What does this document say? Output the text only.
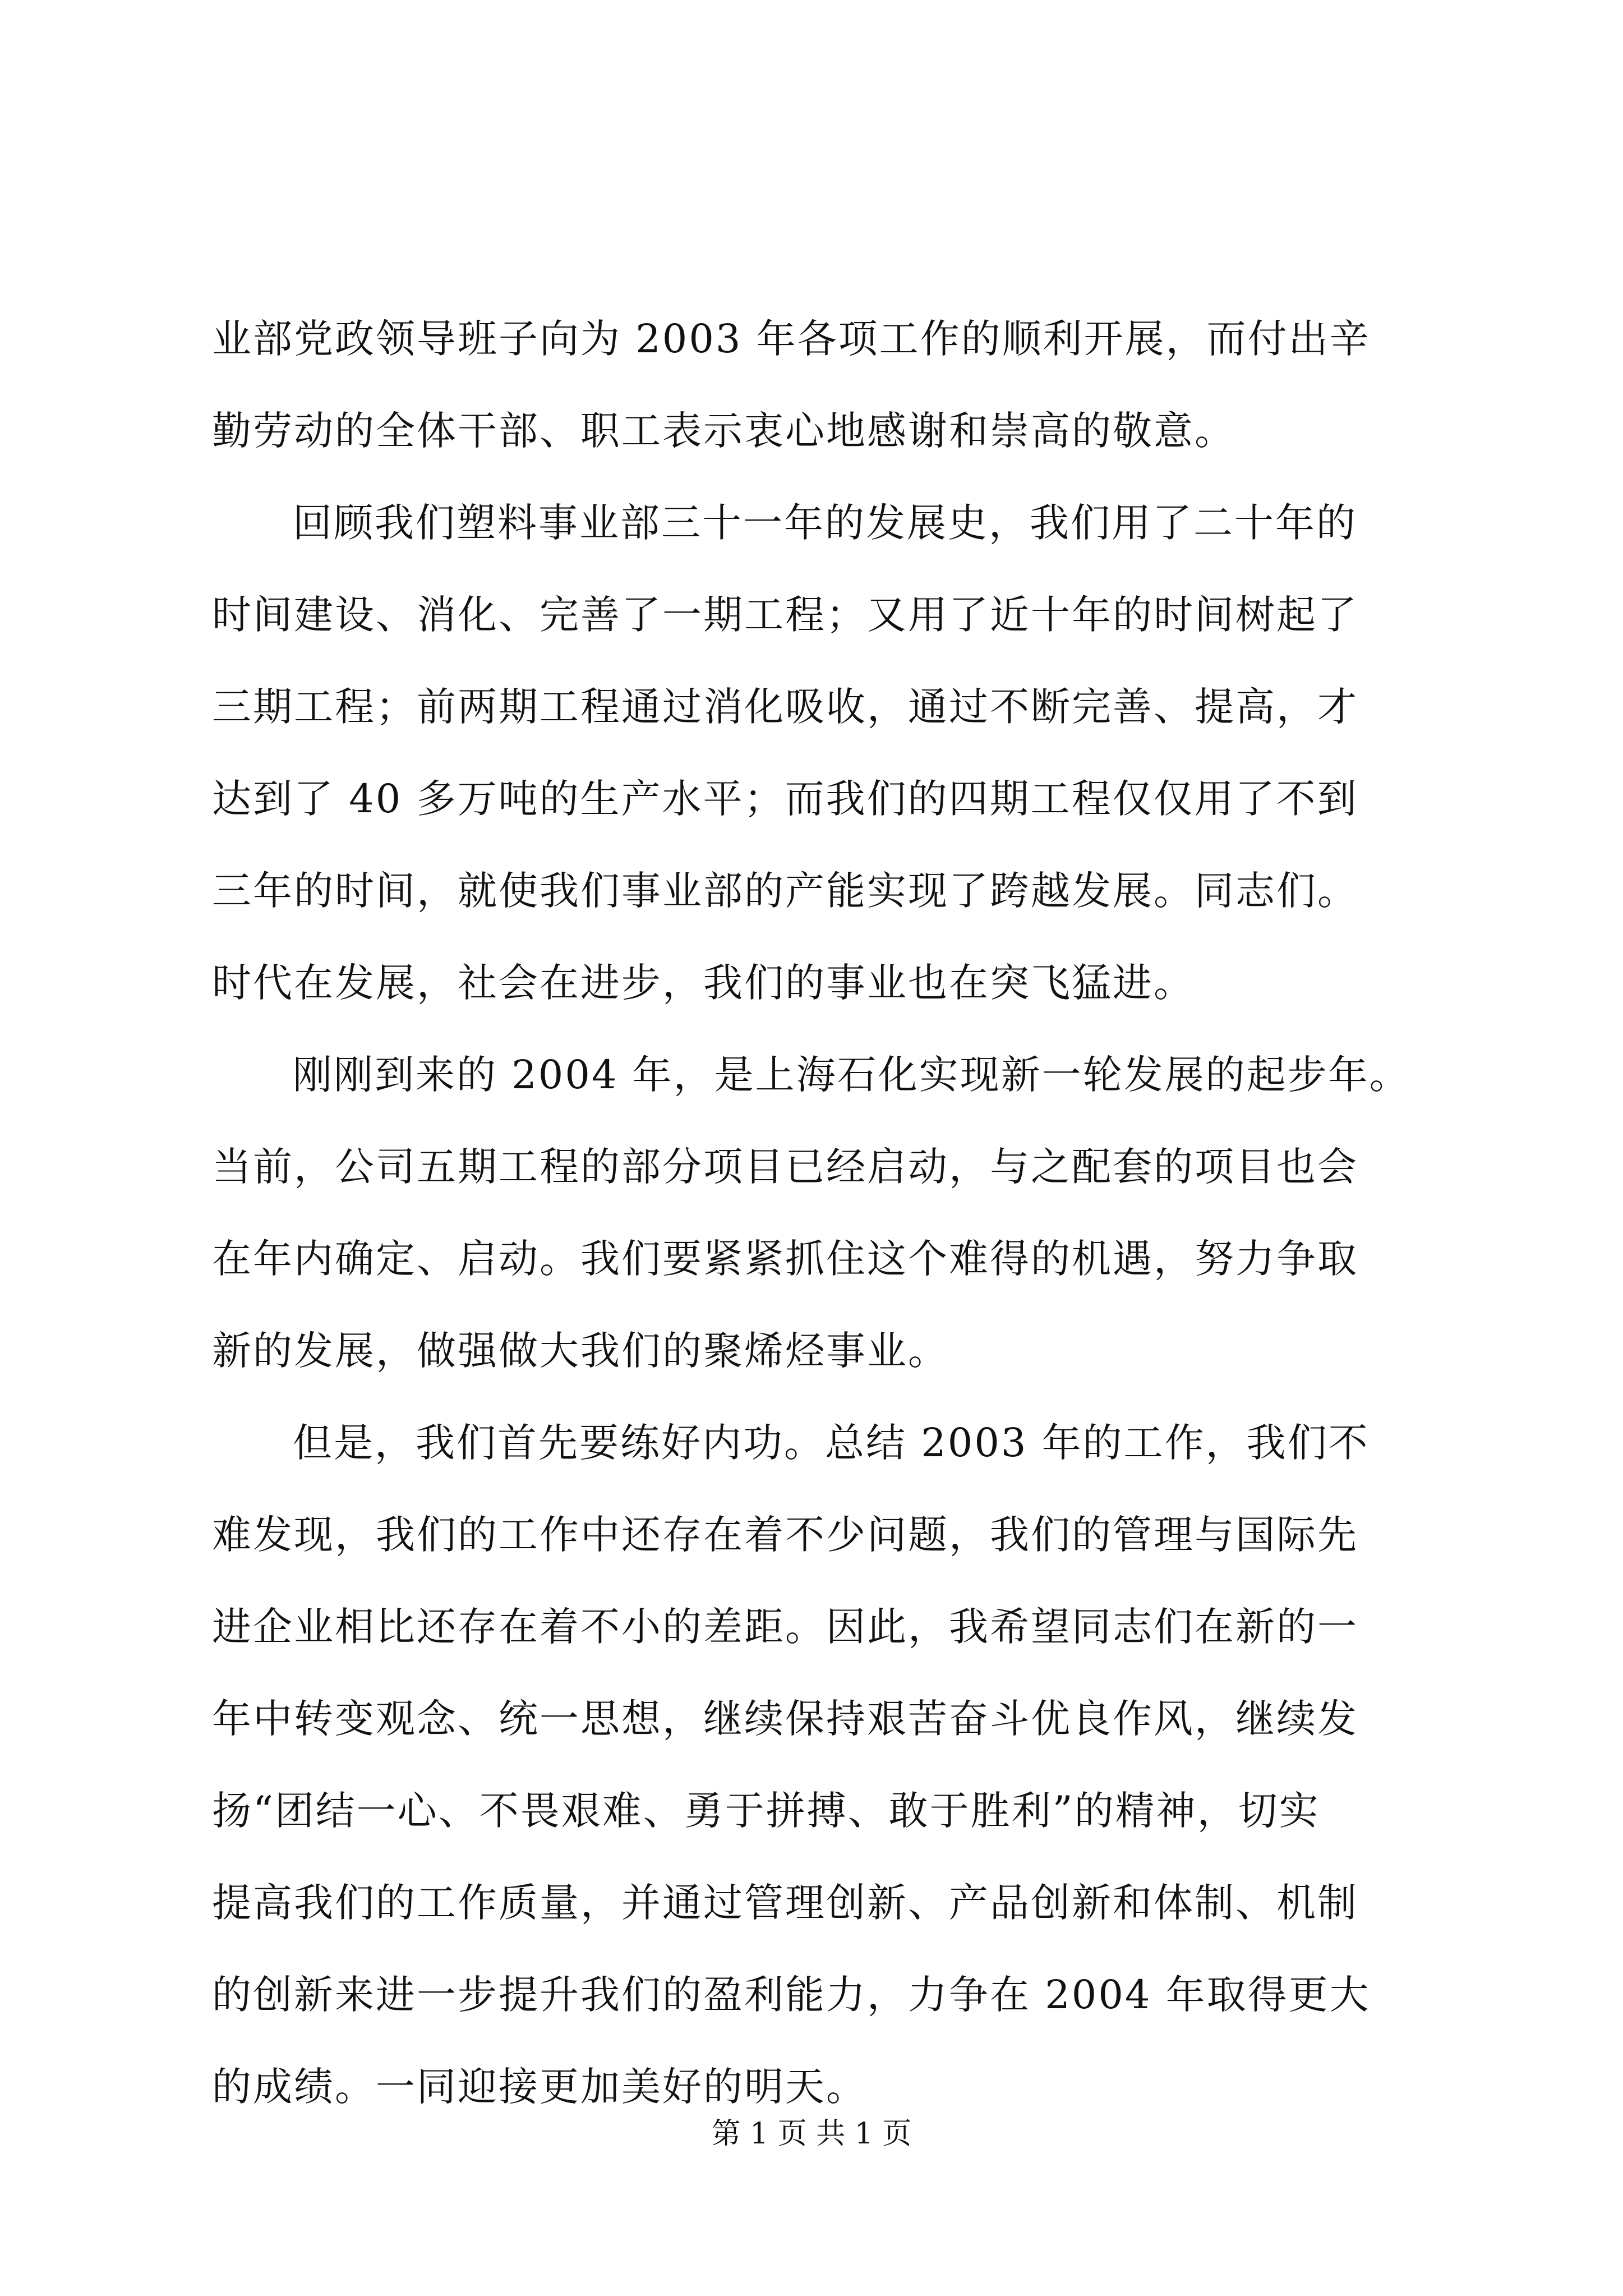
业部党政领导班子向为 2003 年各项工作的顺利开展，而付出辛
勤劳动的全体干部、职工表示衷心地感谢和崇高的敬意。
回顾我们塑料事业部三十一年的发展史，我们用了二十年的
时间建设、消化、完善了一期工程；又用了近十年的时间树起了
三期工程；前两期工程通过消化吸收，通过不断完善、提高，才
达到了 40 多万吨的生产水平；而我们的四期工程仅仅用了不到
三年的时间，就使我们事业部的产能实现了跨越发展。同志们。
时代在发展，社会在进步，我们的事业也在突飞猛进。
刚刚到来的 2004 年，是上海石化实现新一轮发展的起步年。
当前，公司五期工程的部分项目已经启动，与之配套的项目也会
在年内确定、启动。我们要紧紧抓住这个难得的机遇，努力争取
新的发展，做强做大我们的聚烯烃事业。
但是，我们首先要练好内功。总结 2003 年的工作，我们不
难发现，我们的工作中还存在着不少问题，我们的管理与国际先
进企业相比还存在着不小的差距。因此，我希望同志们在新的一
年中转变观念、统一思想，继续保持艰苦奋斗优良作风，继续发
扬“团结一心、不畏艰难、勇于拼搏、敢于胜利”的精神，切实
提高我们的工作质量，并通过管理创新、产品创新和体制、机制
的创新来进一步提升我们的盈利能力，力争在 2004 年取得更大
的成绩。一同迎接更加美好的明天。
第 1 页 共 1 页
